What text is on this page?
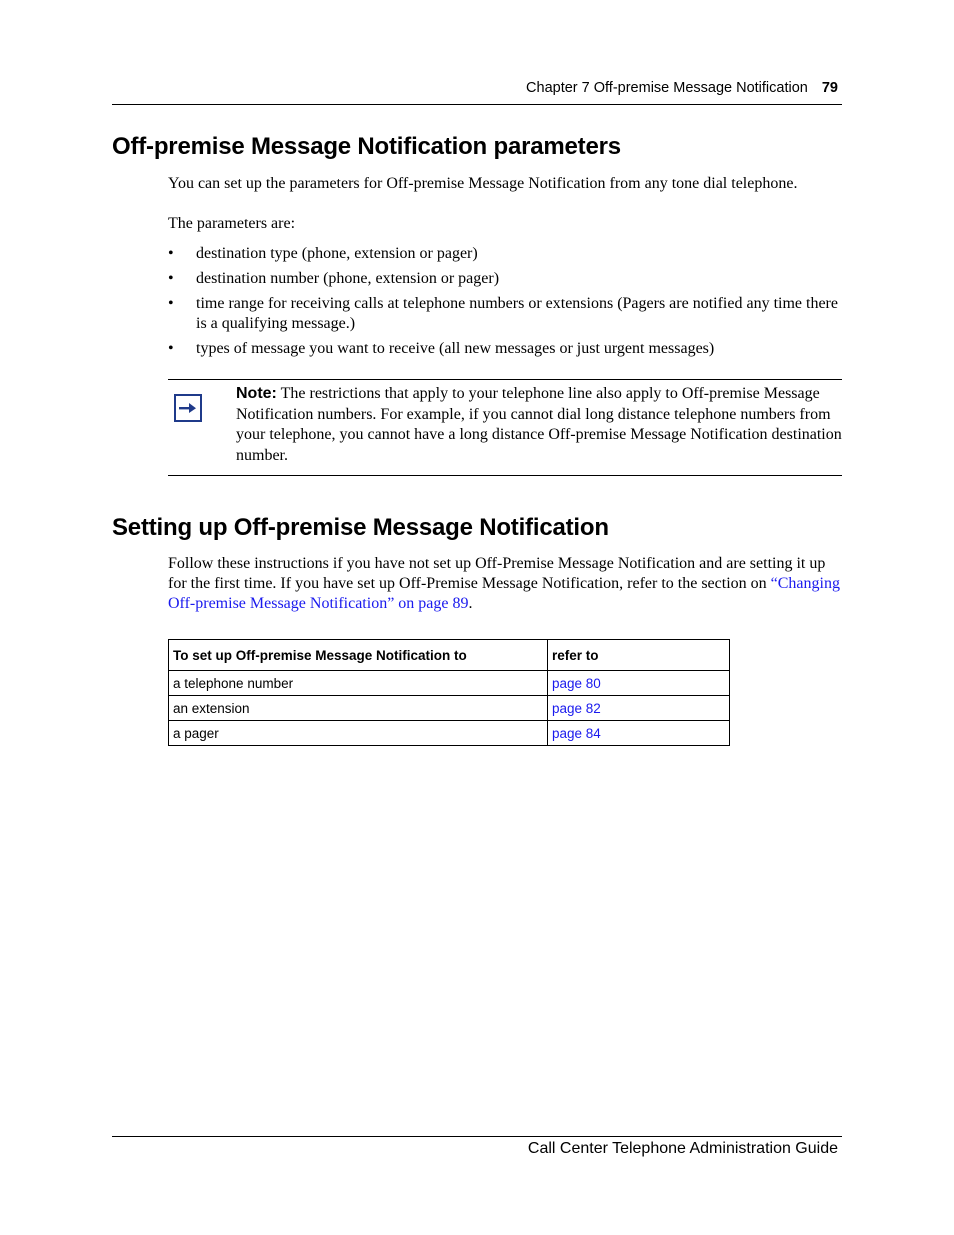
Chapter 7 Off-premise Message Notification 79
Off-premise Message Notification parameters

You can set up the parameters for Off-premise Message Notification from any tone dial telephone.

The parameters are:

• destination type (phone, extension or pager)
• destination number (phone, extension or pager)
• time range for receiving calls at telephone numbers or extensions (Pagers are notified any time there is a qualifying message.)
• types of message you want to receive (all new messages or just urgent messages)

Note: The restrictions that apply to your telephone line also apply to Off-premise Message Notification numbers. For example, if you cannot dial long distance telephone numbers from your telephone, you cannot have a long distance Off-premise Message Notification destination number.

Setting up Off-premise Message Notification

Follow these instructions if you have not set up Off-Premise Message Notification and are setting it up for the first time. If you have set up Off-Premise Message Notification, refer to the section on “Changing Off-premise Message Notification” on page 89.

To set up Off-premise Message Notification to	refer to
a telephone number	page 80
an extension	page 82
a pager	page 84
Call Center Telephone Administration Guide
